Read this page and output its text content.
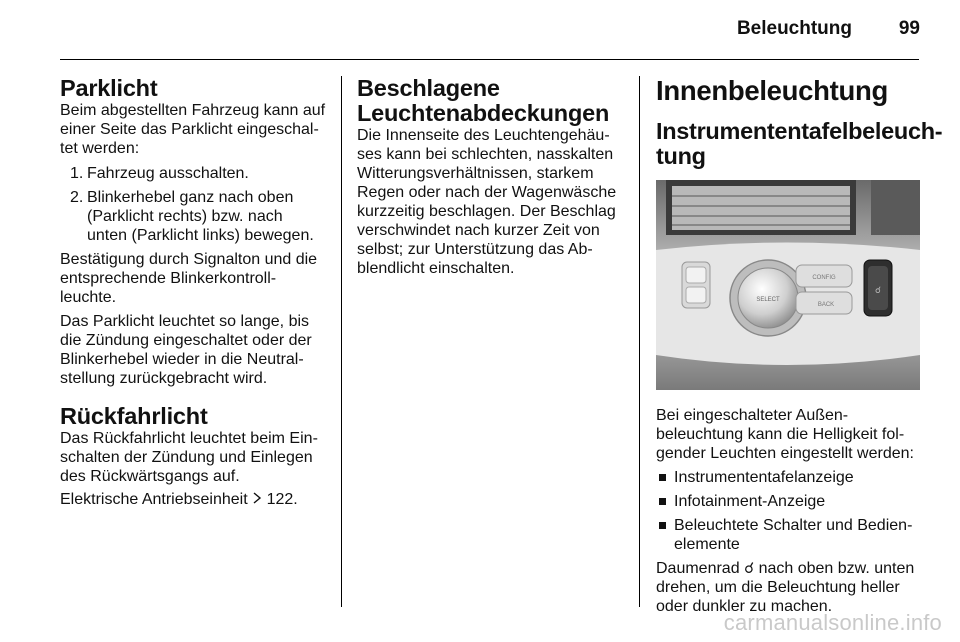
Beleuchtung	99
Parklicht

Beim abgestellten Fahrzeug kann auf einer Seite das Parklicht eingeschaltet werden:

1. Fahrzeug ausschalten.
2. Blinkerhebel ganz nach oben (Parklicht rechts) bzw. nach unten (Parklicht links) bewegen.

Bestätigung durch Signalton und die entsprechende Blinkerkontrollleuchte.

Das Parklicht leuchtet so lange, bis die Zündung eingeschaltet oder der Blinkerhebel wieder in die Neutralstellung zurückgebracht wird.

Rückfahrlicht

Das Rückfahrlicht leuchtet beim Einschalten der Zündung und Einlegen des Rückwärtsgangs auf.

Elektrische Antriebseinheit 122.

Beschlagene Leuchtenabdeckungen

Die Innenseite des Leuchtengehäuses kann bei schlechten, nasskalten Witterungsverhältnissen, starkem Regen oder nach der Wagenwäsche kurzzeitig beschlagen. Der Beschlag verschwindet nach kurzer Zeit von selbst; zur Unterstützung das Abblendlicht einschalten.

Innenbeleuchtung
Instrumententafelbeleuchtung
SELECT
CONFIG
BACK
☌

Bei eingeschalteter Außenbeleuchtung kann die Helligkeit folgender Leuchten eingestellt werden:

Instrumententafelanzeige
Infotainment-Anzeige
Beleuchtete Schalter und Bedienelemente

Daumenrad ☌ nach oben bzw. unten drehen, um die Beleuchtung heller oder dunkler zu machen.

carmanualsonline.info
